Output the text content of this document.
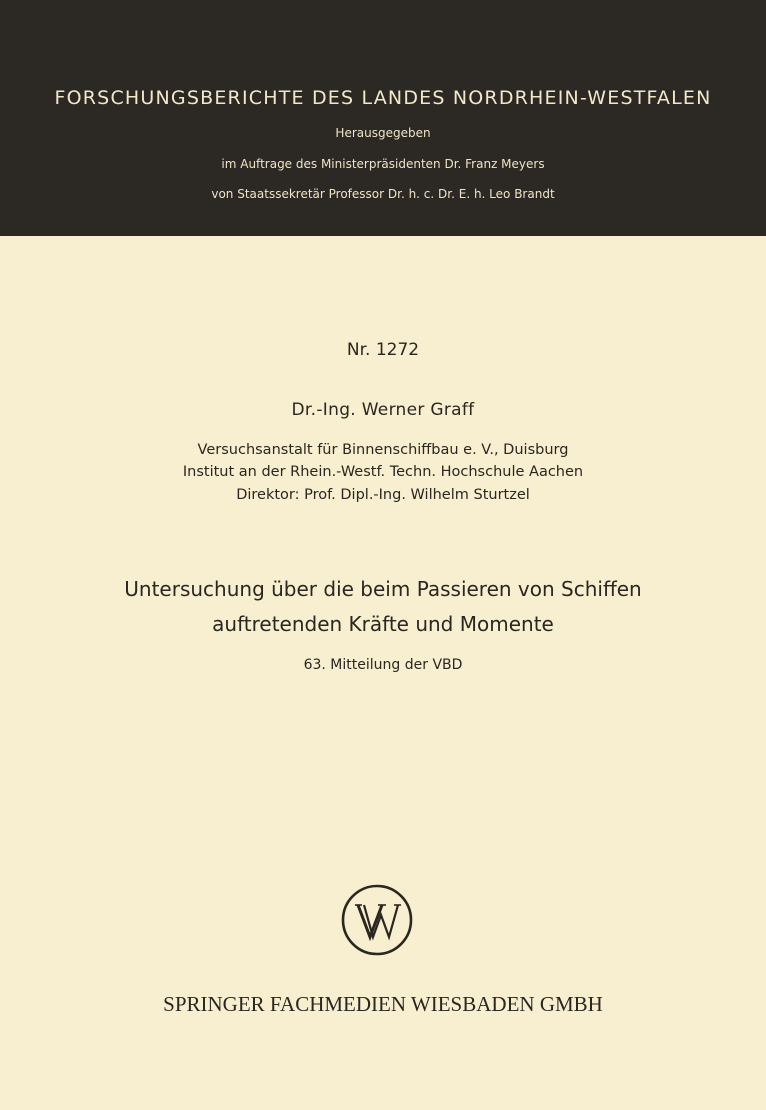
FORSCHUNGSBERICHTE DES LANDES NORDRHEIN-WESTFALEN
Herausgegeben
im Auftrage des Ministerpräsidenten Dr. Franz Meyers
von Staatssekretär Professor Dr. h. c. Dr. E. h. Leo Brandt
Nr. 1272
Dr.-Ing. Werner Graff
Versuchsanstalt für Binnenschiffbau e. V., Duisburg
Institut an der Rhein.-Westf. Techn. Hochschule Aachen
Direktor: Prof. Dipl.-Ing. Wilhelm Sturtzel
Untersuchung über die beim Passieren von Schiffen
auftretenden Kräfte und Momente
63. Mitteilung der VBD
SPRINGER FACHMEDIEN WIESBADEN GMBH
